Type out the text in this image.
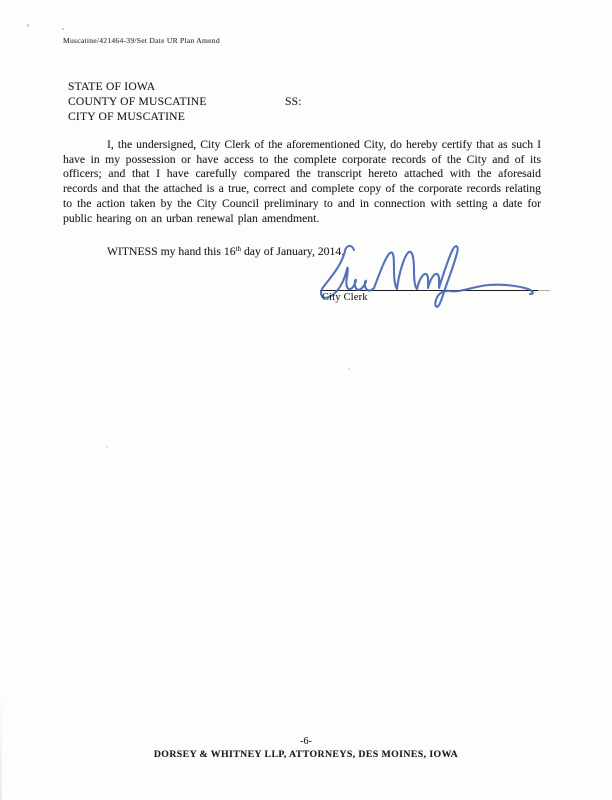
Muscatine/421464-39/Set Date UR Plan Amend
STATE OF IOWA
COUNTY OF MUSCATINE	SS:
CITY OF MUSCATINE
I, the undersigned, City Clerk of the aforementioned City, do hereby certify that as such I have in my possession or have access to the complete corporate records of the City and of its officers; and that I have carefully compared the transcript hereto attached with the aforesaid records and that the attached is a true, correct and complete copy of the corporate records relating to the action taken by the City Council preliminary to and in connection with setting a date for public hearing on an urban renewal plan amendment.
WITNESS my hand this 16th day of January, 2014.
City Clerk
-6-
DORSEY & WHITNEY LLP, ATTORNEYS, DES MOINES, IOWA
